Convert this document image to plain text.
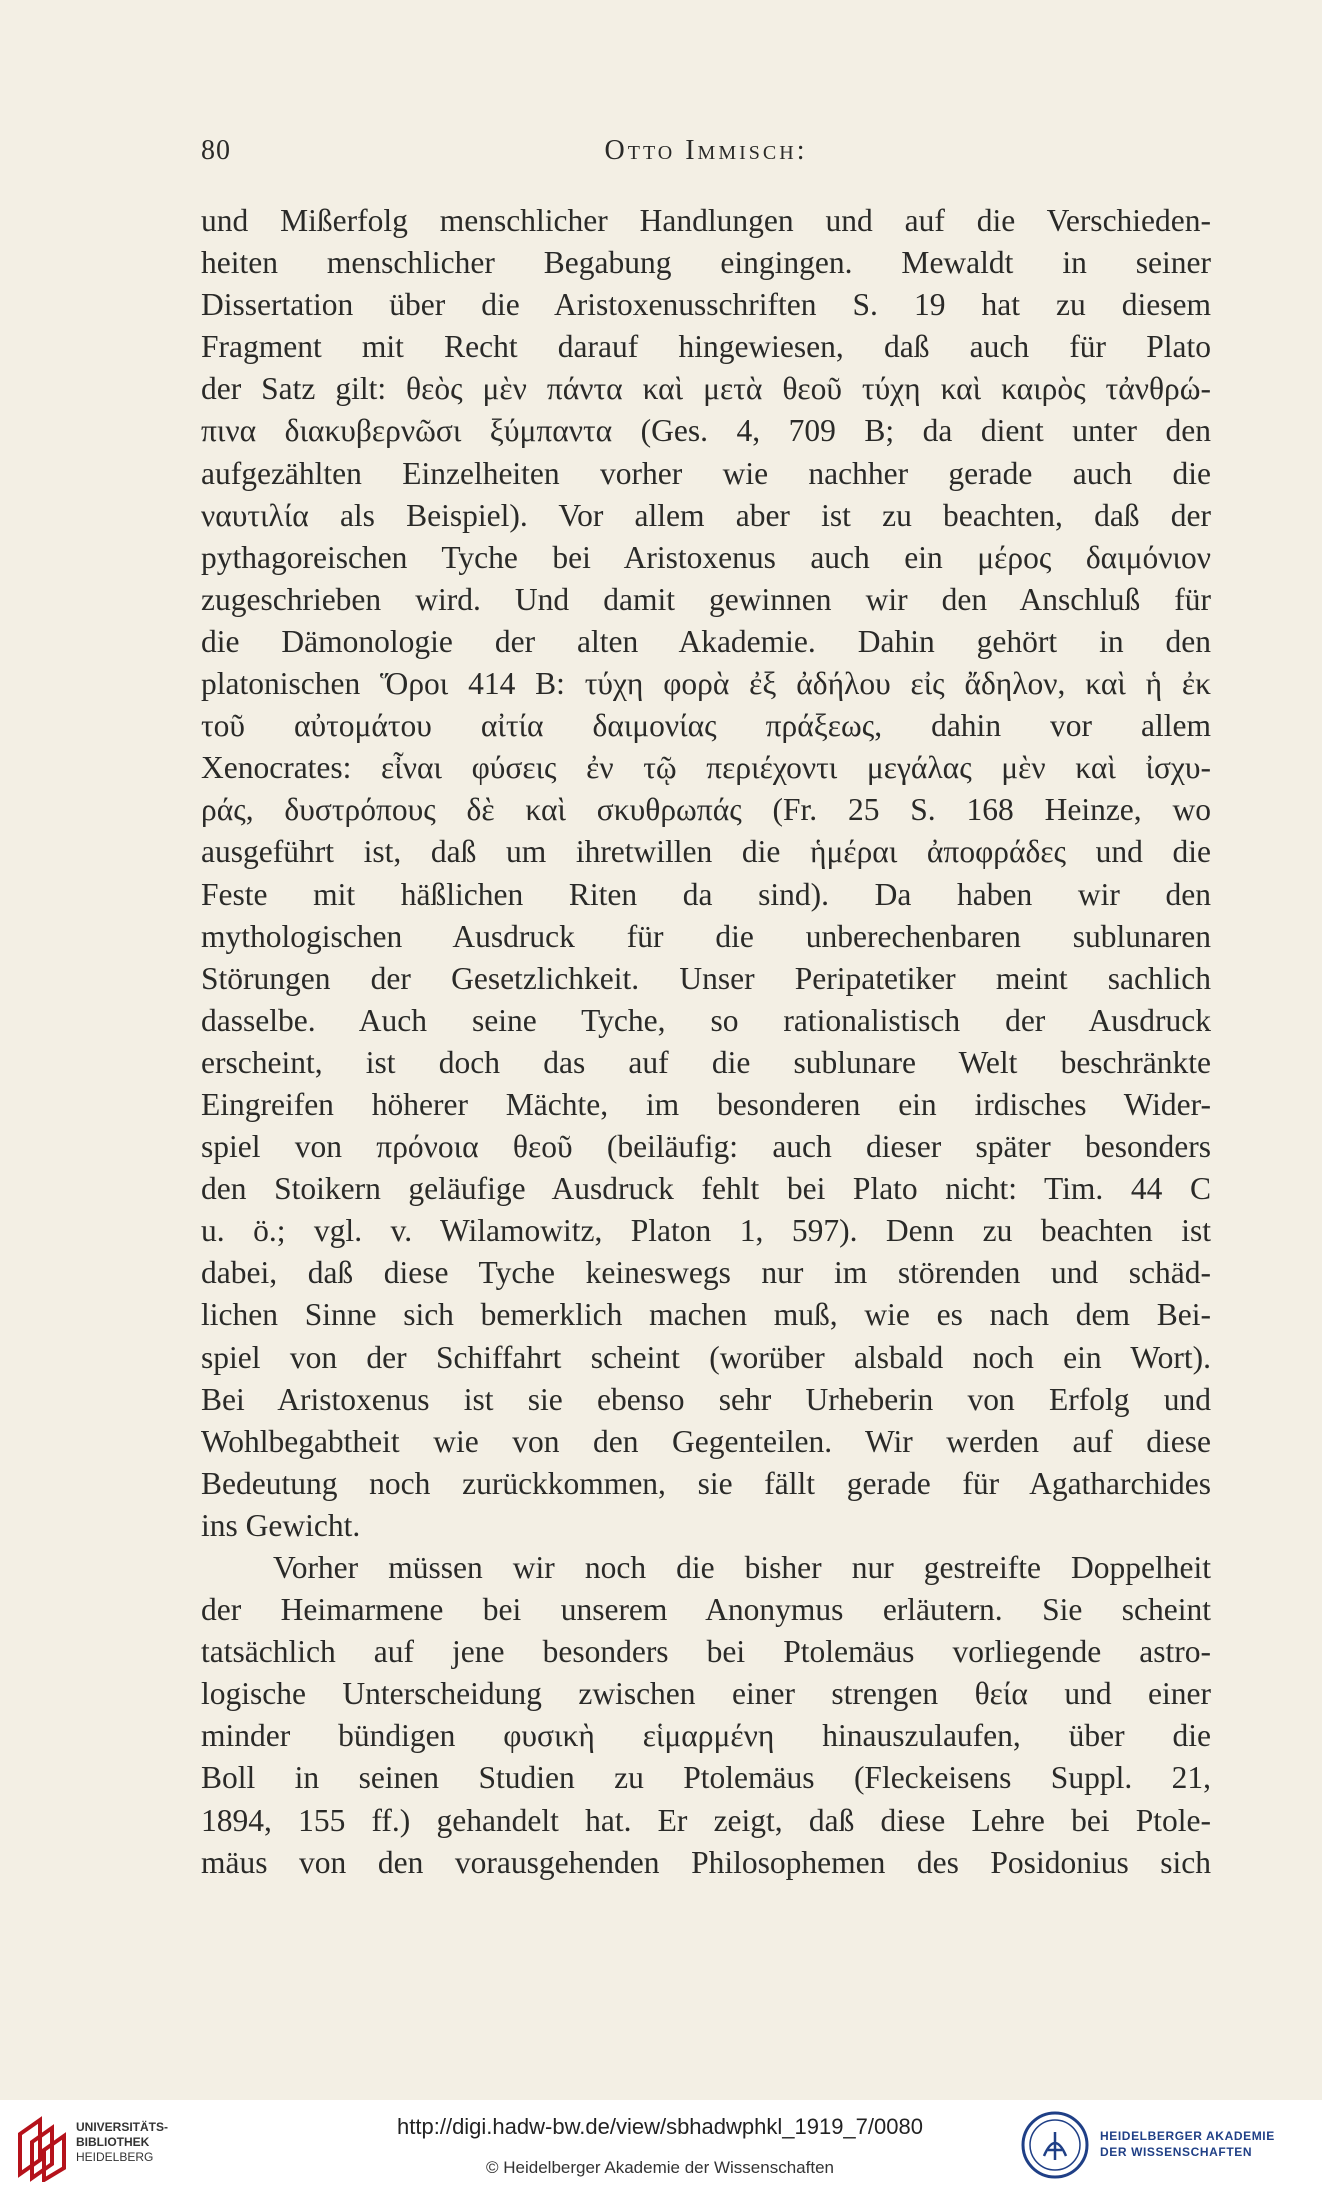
80	Otto Immisch:
und Mißerfolg menschlicher Handlungen und auf die Verschieden-
heiten menschlicher Begabung eingingen. Mewaldt in seiner
Dissertation über die Aristoxenusschriften S. 19 hat zu diesem
Fragment mit Recht darauf hingewiesen, daß auch für Plato
der Satz gilt: θεὸς μὲν πάντα καὶ μετὰ θεοῦ τύχη καὶ καιρὸς τἀνθρώ-
πινα διακυβερνῶσι ξύμπαντα (Ges. 4, 709 B; da dient unter den
aufgezählten Einzelheiten vorher wie nachher gerade auch die
ναυτιλία als Beispiel). Vor allem aber ist zu beachten, daß der
pythagoreischen Tyche bei Aristoxenus auch ein μέρος δαιμόνιον
zugeschrieben wird. Und damit gewinnen wir den Anschluß für
die Dämonologie der alten Akademie. Dahin gehört in den
platonischen Ὅροι 414 B: τύχη φορὰ ἐξ ἀδήλου εἰς ἄδηλον, καὶ ἡ ἐκ
τοῦ αὐτομάτου αἰτία δαιμονίας πράξεως, dahin vor allem
Xenocrates: εἶναι φύσεις ἐν τῷ περιέχοντι μεγάλας μὲν καὶ ἰσχυ-
ράς, δυστρόπους δὲ καὶ σκυθρωπάς (Fr. 25 S. 168 Heinze, wo
ausgeführt ist, daß um ihretwillen die ἡμέραι ἀποφράδες und die
Feste mit häßlichen Riten da sind). Da haben wir den
mythologischen Ausdruck für die unberechenbaren sublunaren
Störungen der Gesetzlichkeit. Unser Peripatetiker meint sachlich
dasselbe. Auch seine Tyche, so rationalistisch der Ausdruck
erscheint, ist doch das auf die sublunare Welt beschränkte
Eingreifen höherer Mächte, im besonderen ein irdisches Wider-
spiel von πρόνοια θεοῦ (beiläufig: auch dieser später besonders
den Stoikern geläufige Ausdruck fehlt bei Plato nicht: Tim. 44 C
u. ö.; vgl. v. Wilamowitz, Platon 1, 597). Denn zu beachten ist
dabei, daß diese Tyche keineswegs nur im störenden und schäd-
lichen Sinne sich bemerklich machen muß, wie es nach dem Bei-
spiel von der Schiffahrt scheint (worüber alsbald noch ein Wort).
Bei Aristoxenus ist sie ebenso sehr Urheberin von Erfolg und
Wohlbegabtheit wie von den Gegenteilen. Wir werden auf diese
Bedeutung noch zurückkommen, sie fällt gerade für Agatharchides
ins Gewicht.
Vorher müssen wir noch die bisher nur gestreifte Doppelheit
der Heimarmene bei unserem Anonymus erläutern. Sie scheint
tatsächlich auf jene besonders bei Ptolemäus vorliegende astro-
logische Unterscheidung zwischen einer strengen θεία und einer
minder bündigen φυσικὴ εἱμαρμένη hinauszulaufen, über die
Boll in seinen Studien zu Ptolemäus (Fleckeisens Suppl. 21,
1894, 155 ff.) gehandelt hat. Er zeigt, daß diese Lehre bei Ptole-
mäus von den vorausgehenden Philosophemen des Posidonius sich
UNIVERSITÄTS-
BIBLIOTHEK
HEIDELBERG
http://digi.hadw-bw.de/view/sbhadwphkl_1919_7/0080
© Heidelberger Akademie der Wissenschaften
HEIDELBERGER AKADEMIE
DER WISSENSCHAFTEN
